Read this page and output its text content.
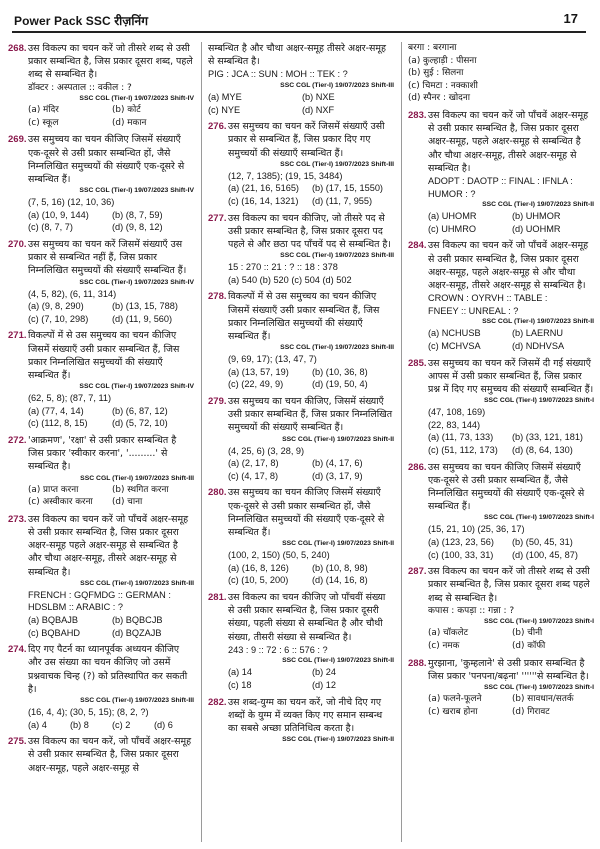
Power Pack SSC रीज़निंग	17
268. उस विकल्प का चयन करें जो तीसरे शब्द से उसी प्रकार सम्बन्धित है, जिस प्रकार दूसरा शब्द, पहले शब्द से सम्बन्धित है।
डॉक्टर : अस्पताल :: वकील : ?
SSC CGL (Tier-I) 19/07/2023 Shift-IV
(a) मंदिर	(b) कोर्ट
(c) स्कूल	(d) मकान
269. उस समुच्चय का चयन कीजिए जिसमें संख्याएँ एक-दूसरे से उसी प्रकार सम्बन्धित हों, जैसे निम्नलिखित समुच्चयों की संख्याएँ एक-दूसरे से सम्बन्धित हैं।
SSC CGL (Tier-I) 19/07/2023 Shift-IV
(7, 5, 16) (12, 10, 36)
(a) (10, 9, 144)	(b) (8, 7, 59)
(c) (8, 7, 7)	(d) (9, 8, 12)
270. उस समुच्चय का चयन करें जिसमें संख्याएँ उस प्रकार से सम्बन्धित नहीं हैं, जिस प्रकार निम्नलिखित समुच्चयों की संख्याएँ सम्बन्धित हैं।
SSC CGL (Tier-I) 19/07/2023 Shift-IV
(4, 5, 82), (6, 11, 314)
(a) (9, 8, 290)	(b) (13, 15, 788)
(c) (7, 10, 298)	(d) (11, 9, 560)
271. विकल्पों में से उस समुच्चय का चयन कीजिए जिसमें संख्याएँ उसी प्रकार सम्बन्धित हैं, जिस प्रकार निम्नलिखित समुच्चयों की संख्याएँ सम्बन्धित हैं।
SSC CGL (Tier-I) 19/07/2023 Shift-IV
(62, 5, 8); (87, 7, 11)
(a) (77, 4, 14)	(b) (6, 87, 12)
(c) (112, 8, 15)	(d) (5, 72, 10)
272. 'आक्रमण', 'रक्षा' से उसी प्रकार सम्बन्धित है जिस प्रकार 'स्वीकार करना', '.........' से सम्बन्धित है।
SSC CGL (Tier-I) 19/07/2023 Shift-III
(a) प्राप्त करना	(b) स्थगित करना
(c) अस्वीकार करना	(d) चाना
273. उस विकल्प का चयन करें जो पाँचवें अक्षर-समूह से उसी प्रकार सम्बन्धित है, जिस प्रकार दूसरा अक्षर-समूह पहले अक्षर-समूह से सम्बन्धित है और चौथा अक्षर-समूह, तीसरे अक्षर-समूह से सम्बन्धित है।
SSC CGL (Tier-I) 19/07/2023 Shift-III
FRENCH : GQFMDG :: GERMAN :
HDSLBM :: ARABIC : ?
(a) BQBAJB	(b) BQBCJB
(c) BQBAHD	(d) BQZAJB
274. दिए गए पैटर्न का ध्यानपूर्वक अध्ययन कीजिए और उस संख्या का चयन कीजिए जो उसमें प्रश्नवाचक चिन्ह (?) को प्रतिस्थापित कर सकती है।
SSC CGL (Tier-I) 19/07/2023 Shift-III
(16, 4, 4); (30, 5, 15); (8, 2, ?)
(a) 4	(b) 8	(c) 2	(d) 6
275. उस विकल्प का चयन करें, जो पाँचवें अक्षर-समूह से उसी प्रकार सम्बन्धित है, जिस प्रकार दूसरा अक्षर-समूह, पहले अक्षर-समूह से
सम्बन्धित है और चौथा अक्षर-समूह तीसरे अक्षर-समूह से सम्बन्धित है।
PIG : JCA :: SUN : MOH :: TEK : ?
SSC CGL (Tier-I) 19/07/2023 Shift-III
(a) MYE	(b) NXE
(c) NYE	(d) NXF
276. उस समुच्चय का चयन करें जिसमें संख्याएँ उसी प्रकार से सम्बन्धित हैं, जिस प्रकार दिए गए समुच्चयों की संख्याएँ सम्बन्धित हैं।
SSC CGL (Tier-I) 19/07/2023 Shift-III
(12, 7, 1385); (19, 15, 3484)
(a) (21, 16, 5165)	(b) (17, 15, 1550)
(c) (16, 14, 1321)	(d) (11, 7, 955)
277. उस विकल्प का चयन कीजिए, जो तीसरे पद से उसी प्रकार सम्बन्धित है, जिस प्रकार दूसरा पद पहले से और छठा पद पाँचवें पद से सम्बन्धित है।
SSC CGL (Tier-I) 19/07/2023 Shift-III
15 : 270 :: 21 : ? :: 18 : 378
(a) 540 (b) 520 (c) 504 (d) 502
278. विकल्पों में से उस समुच्चय का चयन कीजिए जिसमें संख्याएँ उसी प्रकार सम्बन्धित हैं, जिस प्रकार निम्नलिखित समुच्चयों की संख्याएँ सम्बन्धित हैं।
SSC CGL (Tier-I) 19/07/2023 Shift-III
(9, 69, 17); (13, 47, 7)
(a) (13, 57, 19)	(b) (10, 36, 8)
(c) (22, 49, 9)	(d) (19, 50, 4)
279. उस समुच्चय का चयन कीजिए, जिसमें संख्याएँ उसी प्रकार सम्बन्धित हैं, जिस प्रकार निम्नलिखित समुच्चयों की संख्याएँ सम्बन्धित हैं।
SSC CGL (Tier-I) 19/07/2023 Shift-II
(4, 25, 6) (3, 28, 9)
(a) (2, 17, 8)	(b) (4, 17, 6)
(c) (4, 17, 8)	(d) (3, 17, 9)
280. उस समुच्चय का चयन कीजिए जिसमें संख्याएँ एक-दूसरे से उसी प्रकार सम्बन्धित हों, जैसे निम्नलिखित समुच्चयों की संख्याएँ एक-दूसरे से सम्बन्धित हैं।
SSC CGL (Tier-I) 19/07/2023 Shift-II
(100, 2, 150) (50, 5, 240)
(a) (16, 8, 126)	(b) (10, 8, 98)
(c) (10, 5, 200)	(d) (14, 16, 8)
281. उस विकल्प का चयन कीजिए जो पाँचवीं संख्या से उसी प्रकार सम्बन्धित है, जिस प्रकार दूसरी संख्या, पहली संख्या से सम्बन्धित है और चौथी संख्या, तीसरी संख्या से सम्बन्धित है।
243 : 9 :: 72 : 6 :: 576 : ?
SSC CGL (Tier-I) 19/07/2023 Shift-II
(a) 14	(b) 24
(c) 18	(d) 12
282. उस शब्द-युग्म का चयन करें, जो नीचे दिए गए शब्दों के युग्म में व्यक्त किए गए समान सम्बन्ध का सबसे अच्छा प्रतिनिधित्व करता है।
SSC CGL (Tier-I) 19/07/2023 Shift-II
बरगा : बरगाना
(a) कुल्हाड़ी : पीसना
(b) सुई : सिलना
(c) चिमटा : नक्काशी
(d) स्पैनर : खोदना
283. उस विकल्प का चयन करें जो पाँचवें अक्षर-समूह से उसी प्रकार सम्बन्धित है, जिस प्रकार दूसरा अक्षर-समूह, पहले अक्षर-समूह से सम्बन्धित है और चौथा अक्षर-समूह, तीसरे अक्षर-समूह से सम्बन्धित है।
ADOPT : DAOTP :: FINAL : IFNLA :
HUMOR : ?
SSC CGL (Tier-I) 19/07/2023 Shift-II
(a) UHOMR	(b) UHMOR
(c) UHMRO	(d) UOHMR
284. उस विकल्प का चयन करें जो पाँचवें अक्षर-समूह से उसी प्रकार सम्बन्धित है, जिस प्रकार दूसरा अक्षर-समूह, पहले अक्षर-समूह से और चौथा अक्षर-समूह, तीसरे अक्षर-समूह से सम्बन्धित है।
CROWN : OYRVH :: TABLE :
FNEEY :: UNREAL : ?
SSC CGL (Tier-I) 19/07/2023 Shift-II
(a) NCHUSB	(b) LAERNU
(c) MCHVSA	(d) NDHVSA
285. उस समुच्चय का चयन करें जिसमें दी गई संख्याएँ आपस में उसी प्रकार सम्बन्धित हैं, जिस प्रकार प्रश्न में दिए गए समुच्चय की संख्याएँ सम्बन्धित हैं।
SSC CGL (Tier-I) 19/07/2023 Shift-I
(47, 108, 169)
(22, 83, 144)
(a) (11, 73, 133)	(b) (33, 121, 181)
(c) (51, 112, 173)	(d) (8, 64, 130)
286. उस समुच्चय का चयन कीजिए जिसमें संख्याएँ एक-दूसरे से उसी प्रकार सम्बन्धित हैं, जैसे निम्नलिखित समुच्चयों की संख्याएँ एक-दूसरे से सम्बन्धित हैं।
SSC CGL (Tier-I) 19/07/2023 Shift-I
(15, 21, 10) (25, 36, 17)
(a) (123, 23, 56)	(b) (50, 45, 31)
(c) (100, 33, 31)	(d) (100, 45, 87)
287. उस विकल्प का चयन करें जो तीसरे शब्द से उसी प्रकार सम्बन्धित है, जिस प्रकार दूसरा शब्द पहले शब्द से सम्बन्धित है।
कपास : कपड़ा :: गन्ना : ?
SSC CGL (Tier-I) 19/07/2023 Shift-I
(a) चॉकलेट	(b) चीनी
(c) नमक	(d) कॉफी
288. मुरझाना, 'कुम्हलाने' से उसी प्रकार सम्बन्धित है जिस प्रकार 'पनपना/बढ़ना' ''''''से सम्बन्धित है।
SSC CGL (Tier-I) 19/07/2023 Shift-I
(a) फलने-फूलने	(b) सावधान/सतर्क
(c) खराब होना	(d) गिरावट
